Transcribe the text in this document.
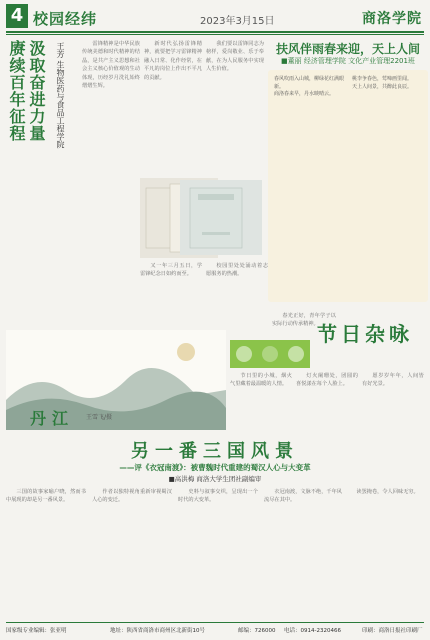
4 校园经纬	2023年3月15日	商洛学院
赓续百年征程 汲取奋进力量 王芳 生物医药与食品工程学院	雷锋精神是中华民族传统美德和时代精神的结晶，是共产主义思想和社会主义核心价值观的生动体现，历经岁月洗礼始终熠熠生辉。

新时代弘扬雷锋精神，就要把学习雷锋精神融入日常、化作经常，在平凡的岗位上作出不平凡的贡献。

我们要以雷锋同志为榜样，爱岗敬业、乐于奉献，在为人民服务中实现人生价值。

扶风伴雨春来迎，天上人间
■董丽 经济管理学院 文化产业管理2201班
春风吹雨入山城，柳绿花红满眼新。
商洛春来早，丹水映晴云。
桃李争春色，莺啼画里闻。
天上人间景，共醉此良辰。

又一年三月五日，学雷锋纪念日如约而至。

校园里处处涌动着志愿服务的热潮。

春光正好，青年学子以实际行动传承精神。

节日杂咏

节日里的小城，烟火气里藏着最温暖的人情。

灯火阑珊处，团圆的喜悦漾在每个人脸上。

愿岁岁年年，人间皆有好光景。

丹江 王雪飞/摄
另一番三国风景
——评《衣冠南渡》：被曹魏时代重建的蜀汉人心与大变革
■高洪梅 商洛大学生团社副编审

三国的故事家喻户晓，然而书中展现的却是另一番风景。

作者以独特视角重新审视蜀汉人心的变迁。

史料与叙事交织，呈现出一个时代的大变革。

衣冠南渡，文脉不绝，千年风流尽在其中。

读罢掩卷，令人回味无穷。

国家级专业编辑：张亚明	地址：陕西省商洛市商州区北新街10号	邮编：726000 电话：0914-2320466	印刷：商洛日报社印刷厂
